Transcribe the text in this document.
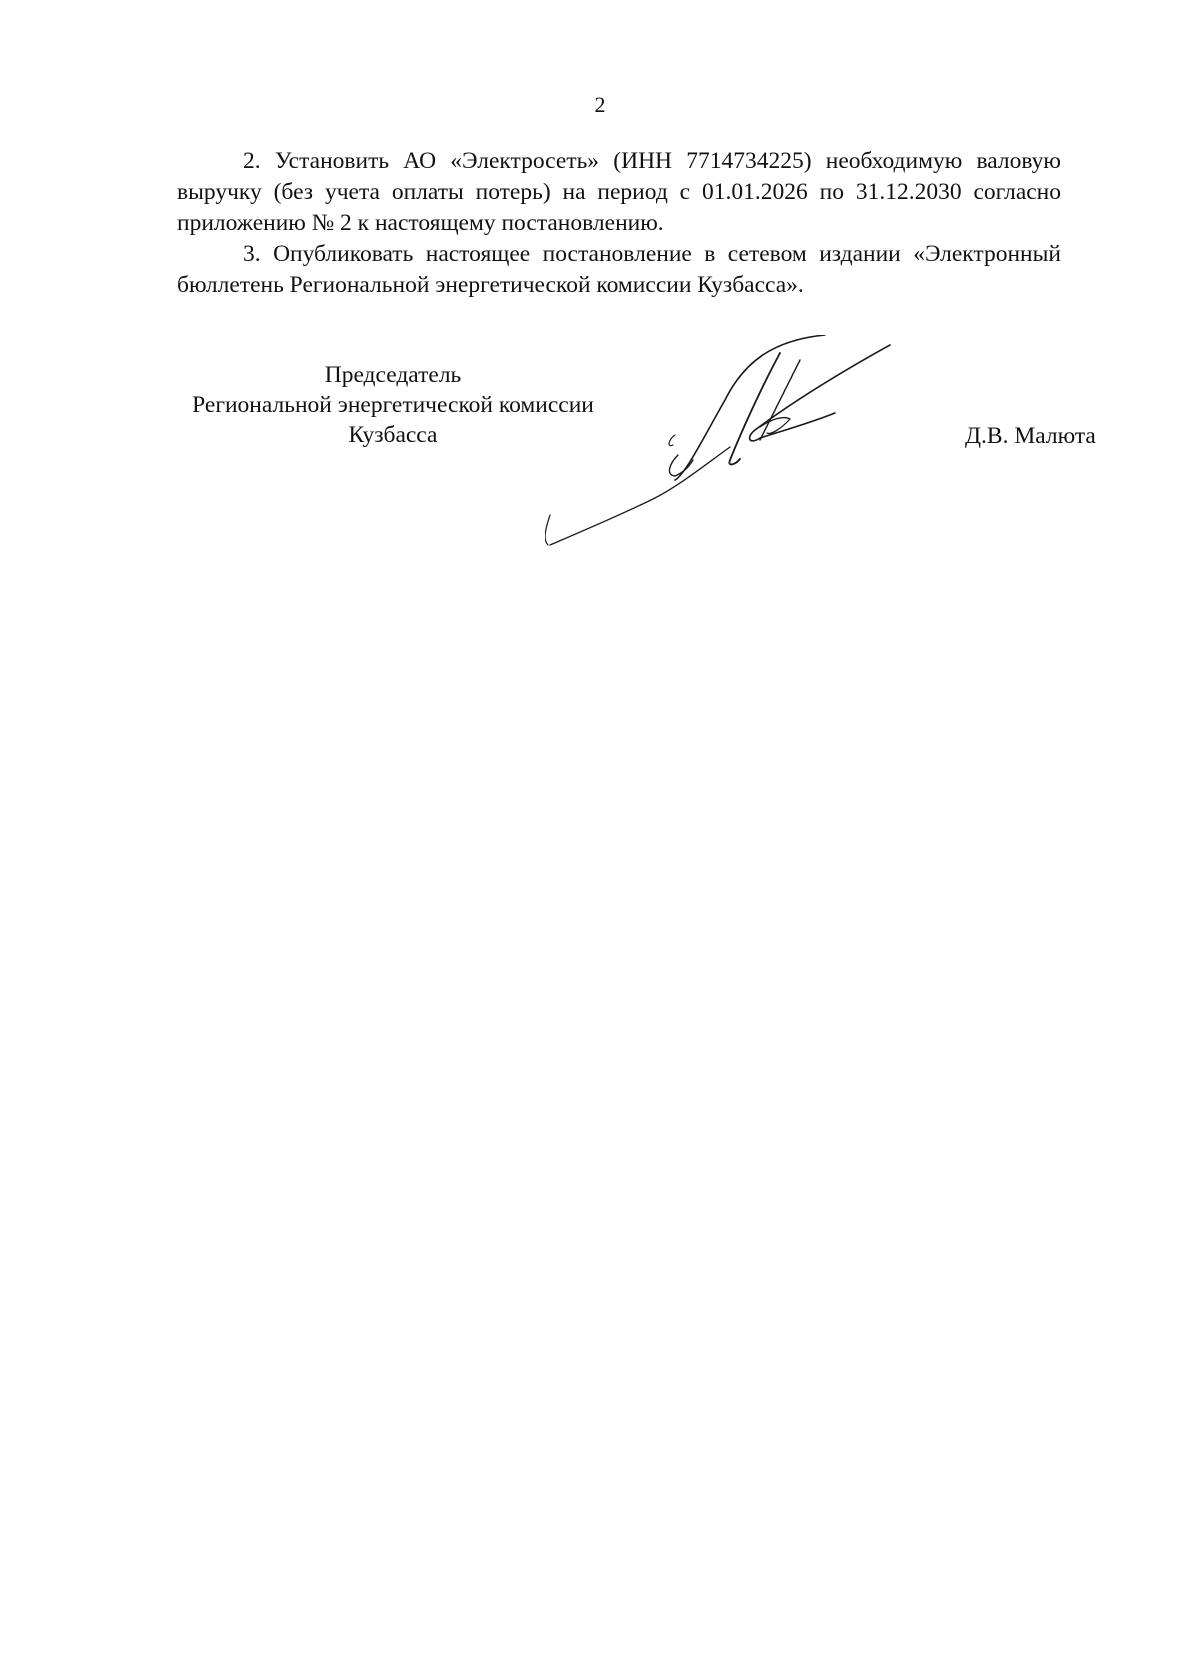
2

2. Установить АО «Электросеть» (ИНН 7714734225) необходимую валовую выручку (без учета оплаты потерь) на период с 01.01.2026 по 31.12.2030 согласно приложению № 2 к настоящему постановлению.

3. Опубликовать настоящее постановление в сетевом издании «Электронный бюллетень Региональной энергетической комиссии Кузбасса».

Председатель
Региональной энергетической комиссии
Кузбасса	Д.В. Малюта
